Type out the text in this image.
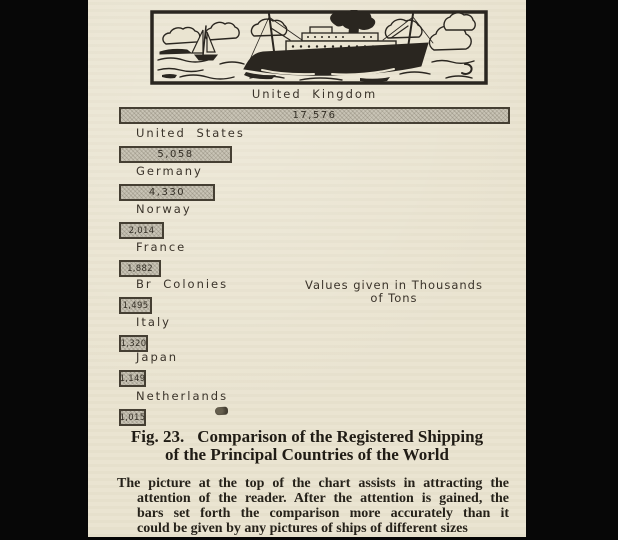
United Kingdom
17,576
United States
5,058
Germany
4,330
Norway
2,014
France
1,882
Br Colonies
1,495
Italy
1,320
Japan
1,149
Netherlands
1,015
Values given in Thousands
of Tons
Fig. 23. Comparison of the Registered Shipping
of the Principal Countries of the World
The picture at the top of the chart assists in attracting the
attention of the reader. After the attention is gained, the
bars set forth the comparison more accurately than it
could be given by any pictures of ships of different sizes
